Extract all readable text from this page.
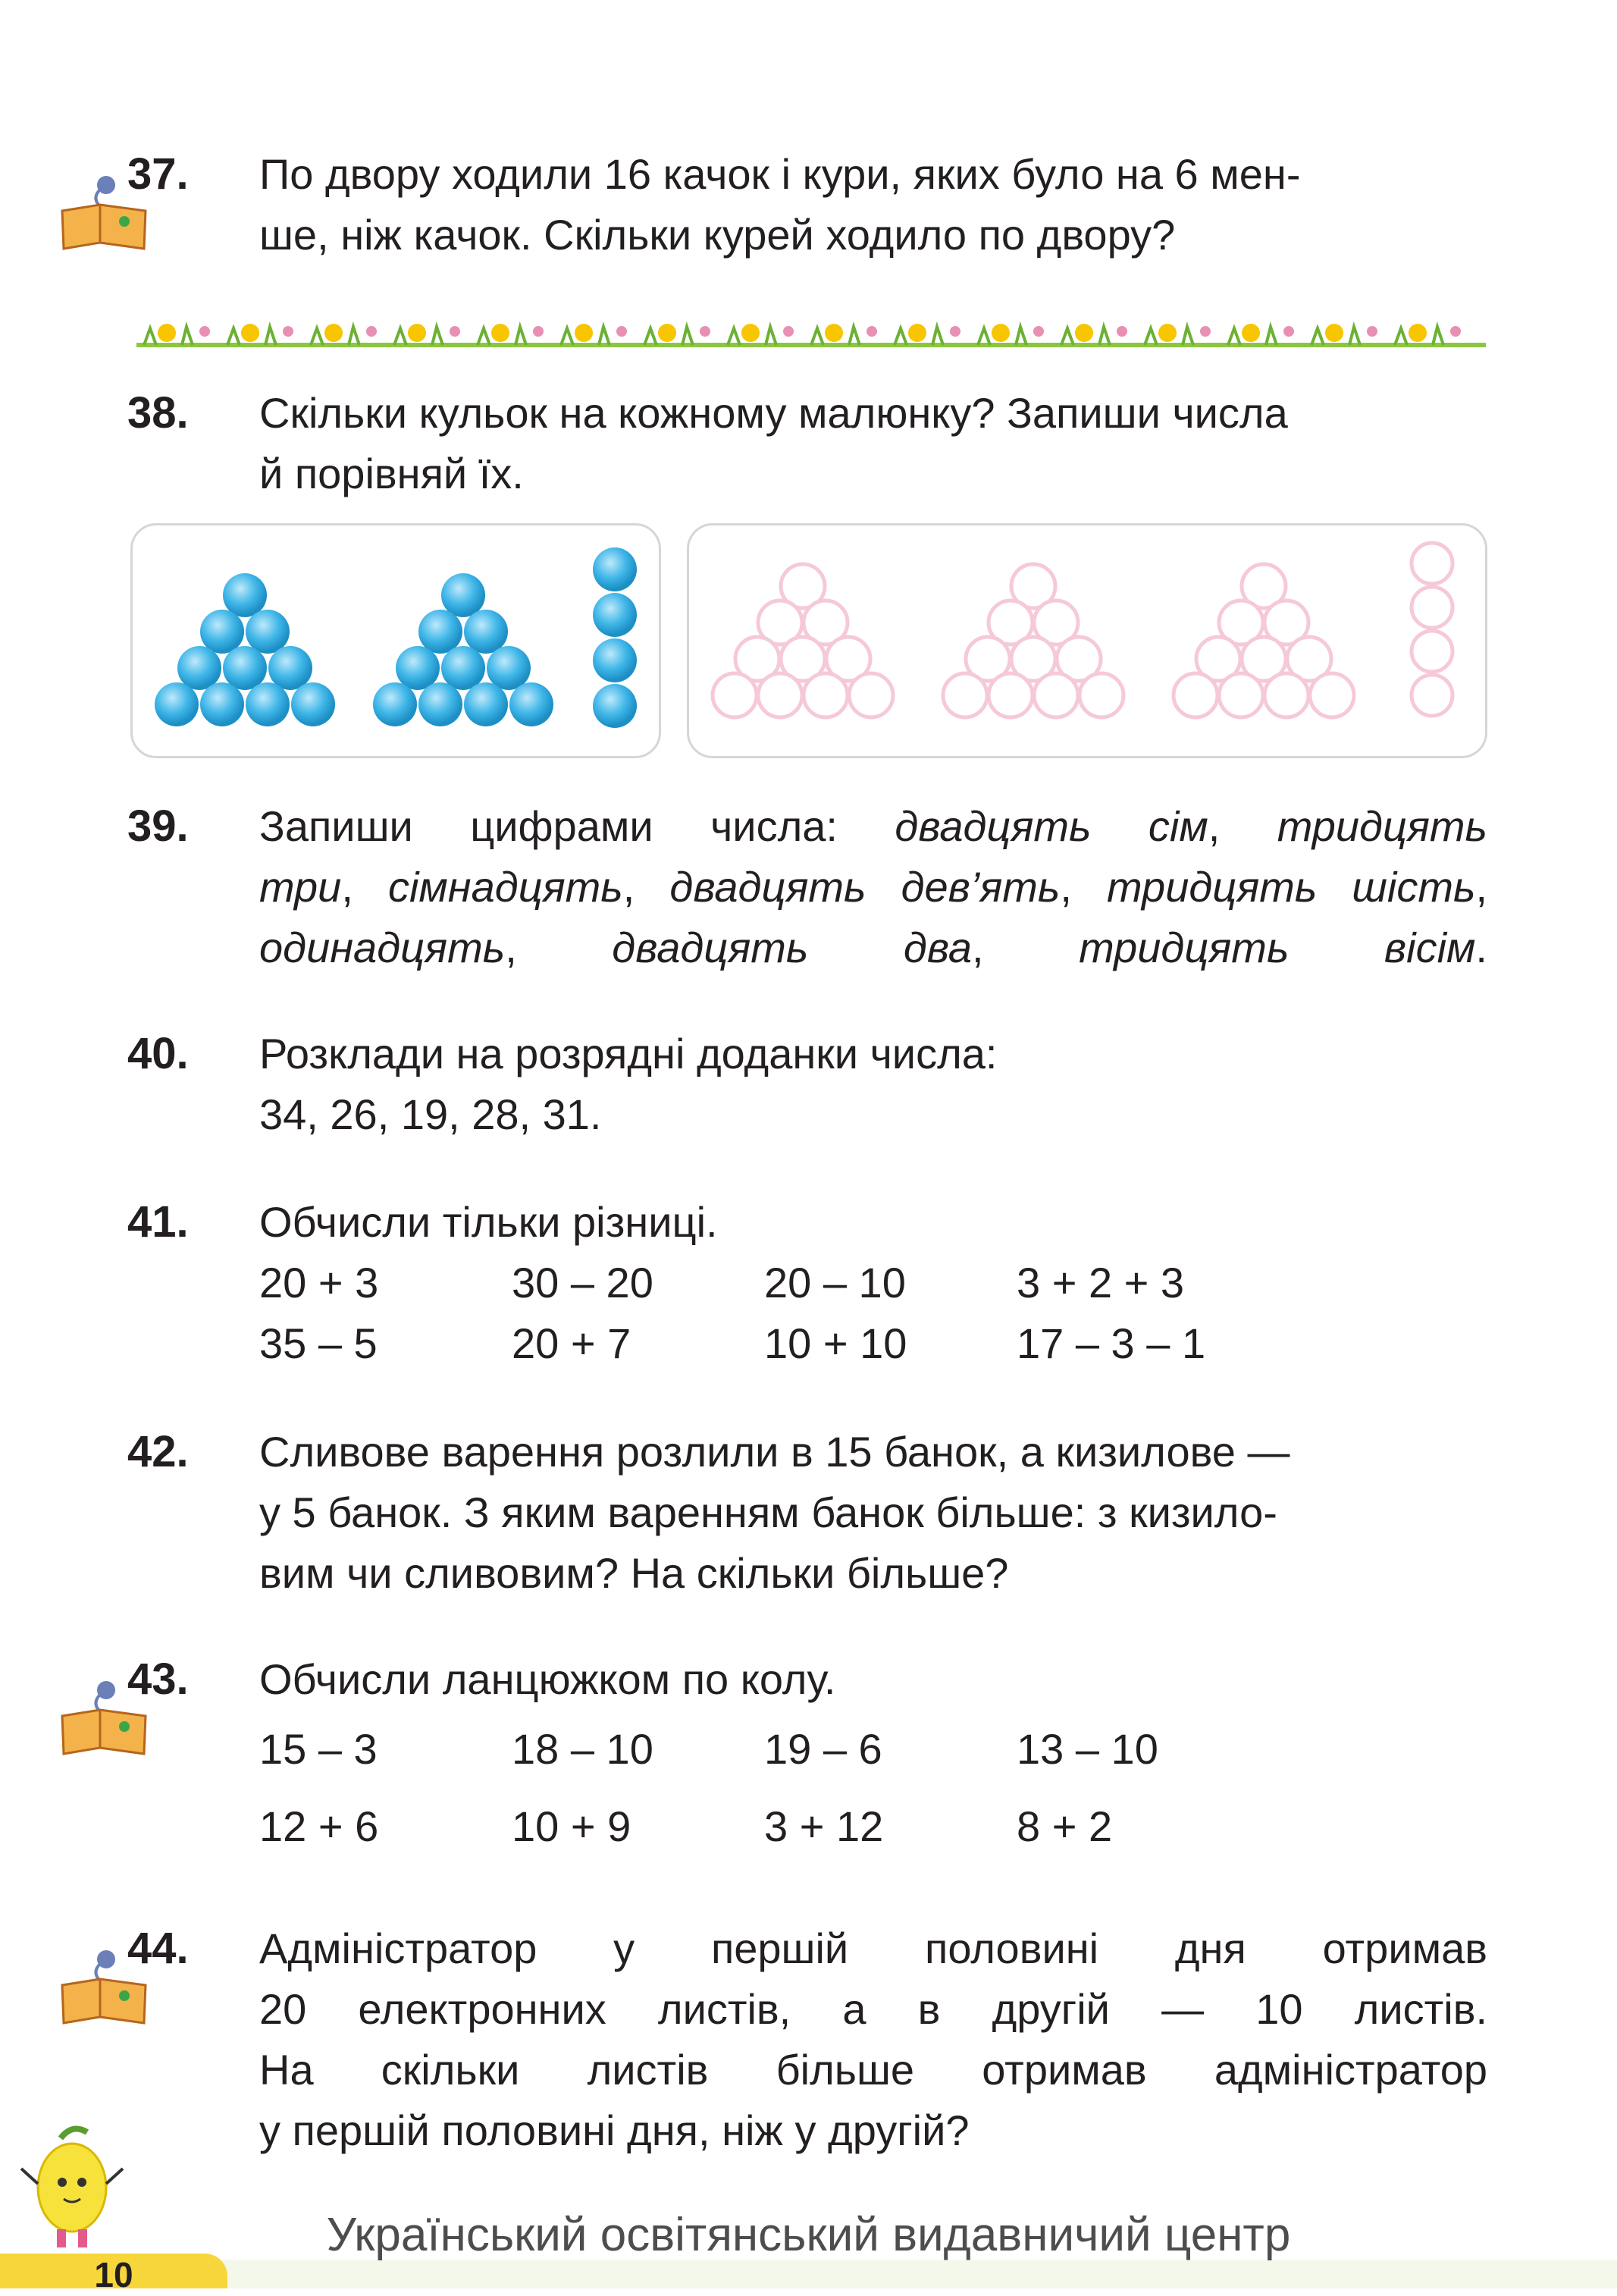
37. По двору ходили 16 качок і кури, яких було на 6 мен-

ше, ніж качок. Скільки курей ходило по двору?

38. Скільки кульок на кожному малюнку? Запиши числа

й порівняй їх.

39. Запиши цифрами числа: двадцять сім, тридцять

три, сімнадцять, двадцять дев’ять, тридцять шість,

одинадцять, двадцять два, тридцять вісім.

40. Розклади на розрядні доданки числа:

34, 26, 19, 28, 31.

41. Обчисли тільки різниці.

20 + 3	30 – 20	20 – 10	3 + 2 + 3
35 – 5	20 + 7	10 + 10	17 – 3 – 1
42. Сливове варення розлили в 15 банок, а кизилове —

у 5 банок. З яким варенням банок більше: з кизило-

вим чи сливовим? На скільки більше?

43. Обчисли ланцюжком по колу.

15 – 3	18 – 10	19 – 6	13 – 10
12 + 6	10 + 9	3 + 12	8 + 2
44. Адміністратор у першій половині дня отримав

20 електронних листів, а в другій — 10 листів.

На скільки листів більше отримав адміністратор

у першій половині дня, ніж у другій?

Український освітянський видавничий центр
10
